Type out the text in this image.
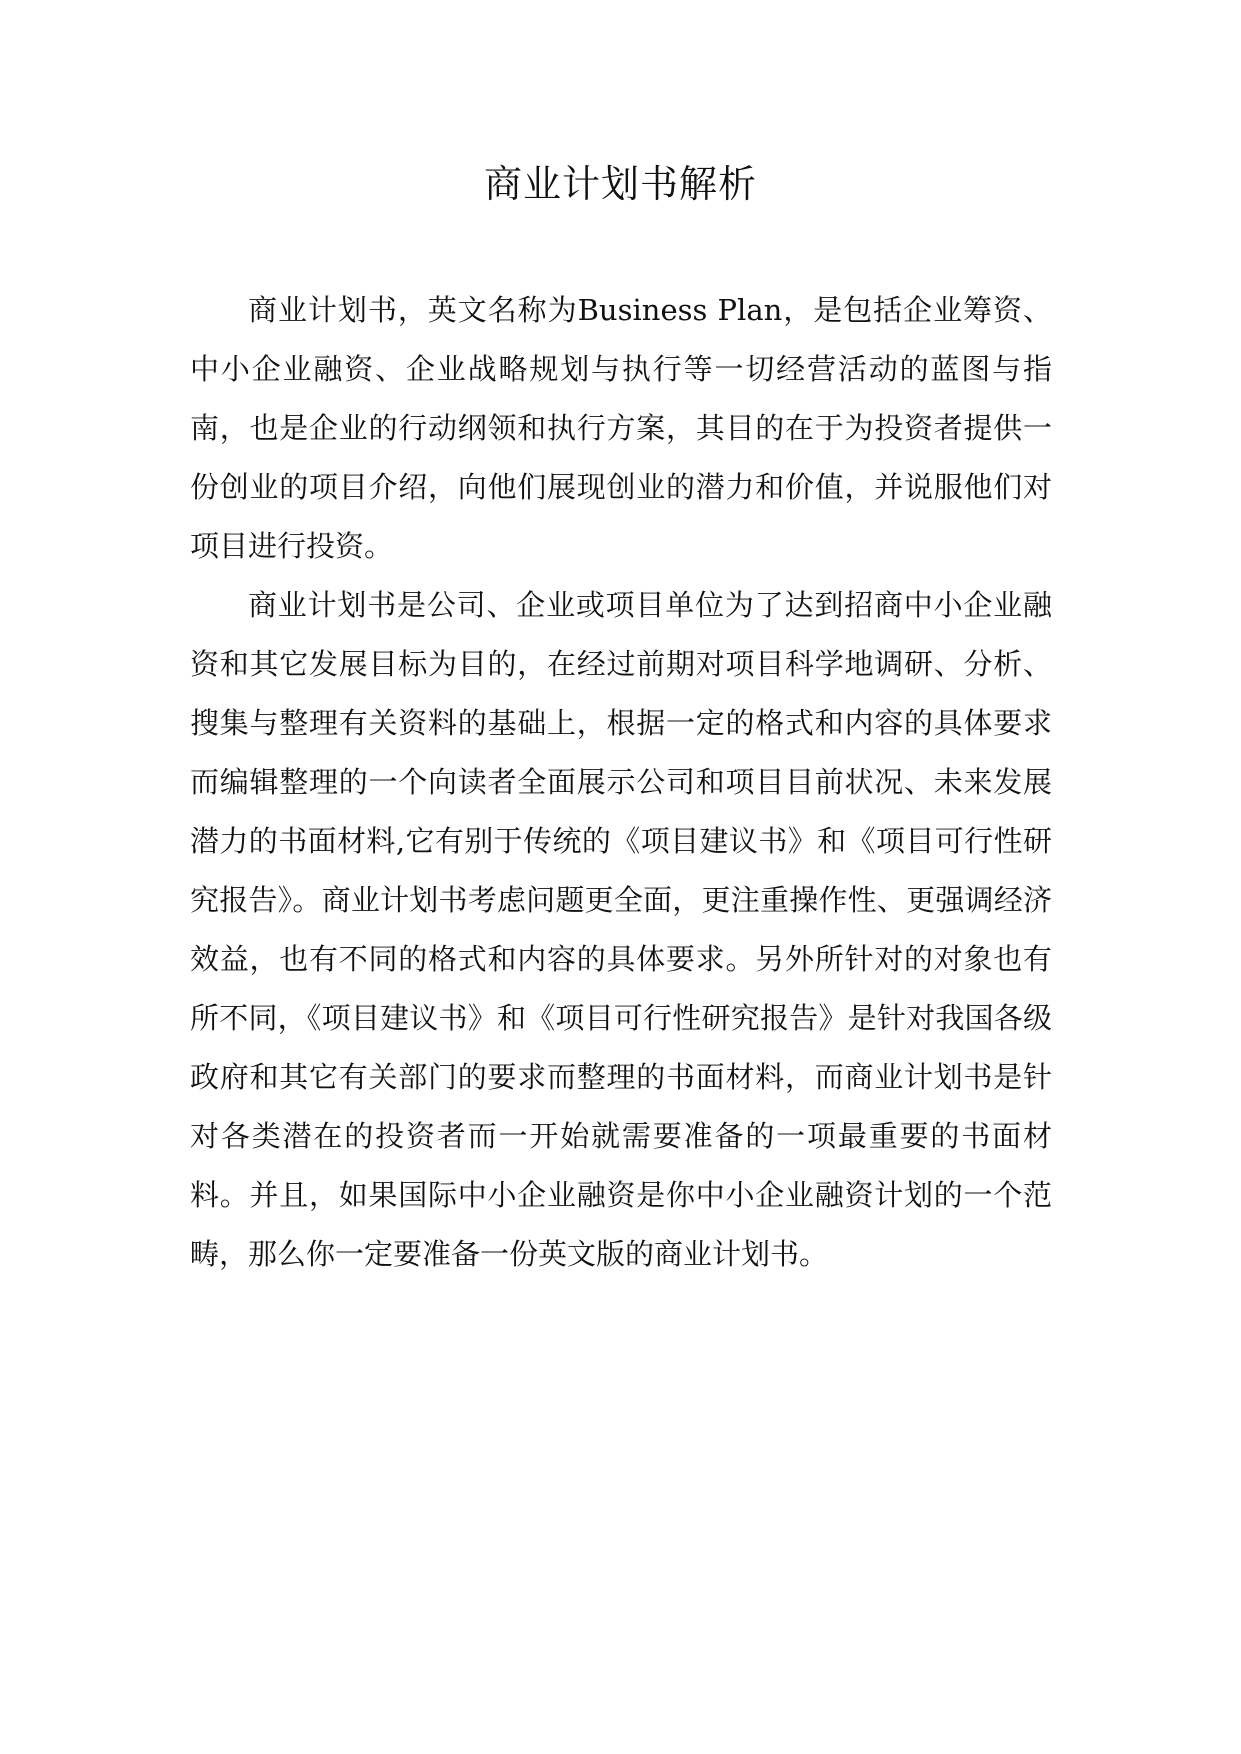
商业计划书解析

商业计划书，英文名称为Business Plan，是包括企业筹资、中小企业融资、企业战略规划与执行等一切经营活动的蓝图与指南，也是企业的行动纲领和执行方案，其目的在于为投资者提供一份创业的项目介绍，向他们展现创业的潜力和价值，并说服他们对项目进行投资。

商业计划书是公司、企业或项目单位为了达到招商中小企业融资和其它发展目标为目的，在经过前期对项目科学地调研、分析、搜集与整理有关资料的基础上，根据一定的格式和内容的具体要求而编辑整理的一个向读者全面展示公司和项目目前状况、未来发展潜力的书面材料,它有别于传统的《项目建议书》和《项目可行性研究报告》。商业计划书考虑问题更全面，更注重操作性、更强调经济效益，也有不同的格式和内容的具体要求。另外所针对的对象也有所不同，《项目建议书》和《项目可行性研究报告》是针对我国各级政府和其它有关部门的要求而整理的书面材料，而商业计划书是针对各类潜在的投资者而一开始就需要准备的一项最重要的书面材料。并且，如果国际中小企业融资是你中小企业融资计划的一个范畴，那么你一定要准备一份英文版的商业计划书。
